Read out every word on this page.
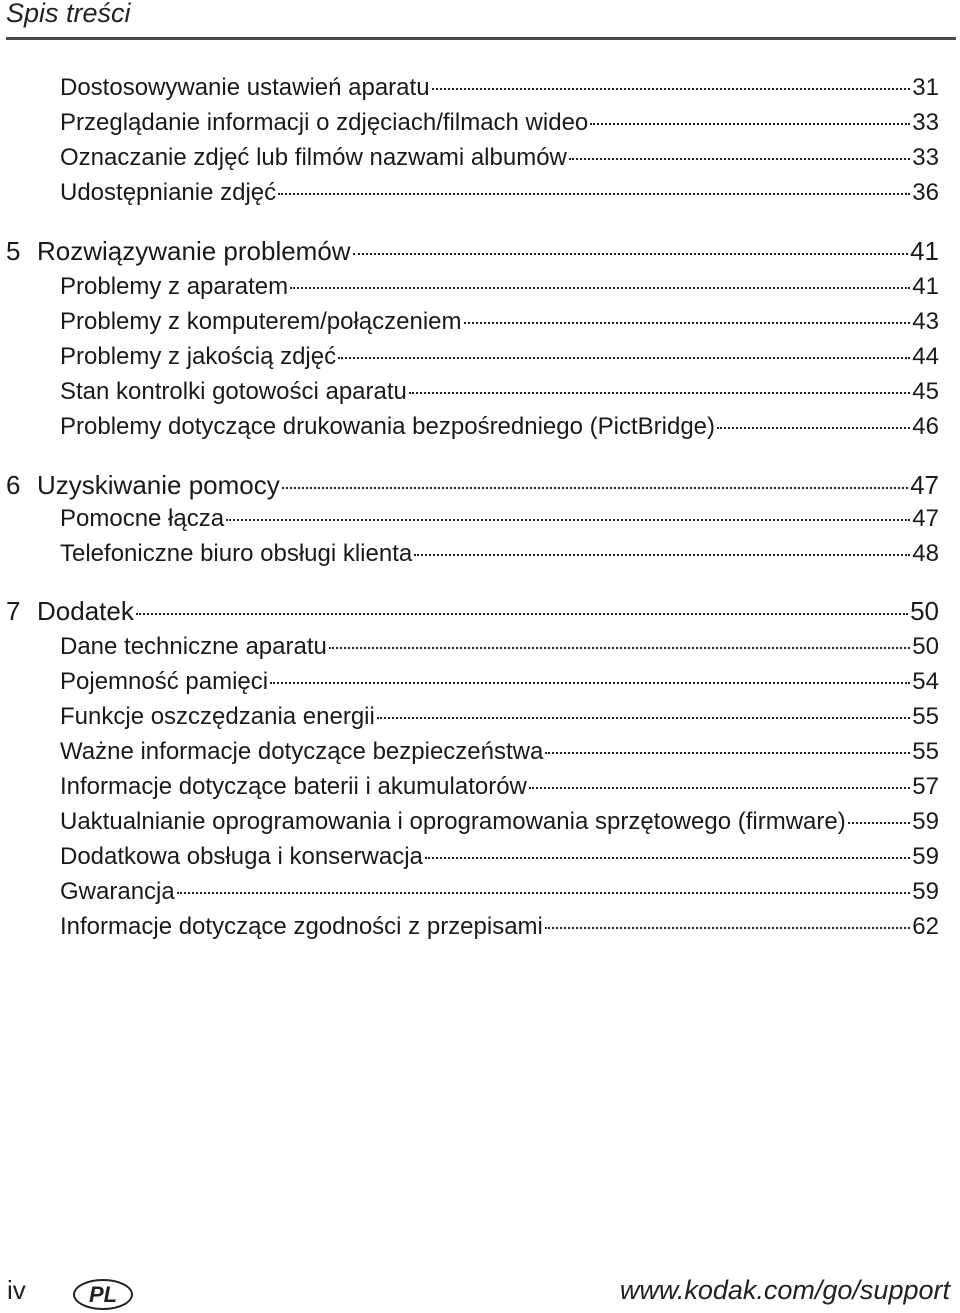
Spis treści
Dostosowywanie ustawień aparatu	31
Przeglądanie informacji o zdjęciach/filmach wideo	33
Oznaczanie zdjęć lub filmów nazwami albumów	33
Udostępnianie zdjęć	36
5 Rozwiązywanie problemów	41
Problemy z aparatem	41
Problemy z komputerem/połączeniem	43
Problemy z jakością zdjęć	44
Stan kontrolki gotowości aparatu	45
Problemy dotyczące drukowania bezpośredniego (PictBridge)	46
6 Uzyskiwanie pomocy	47
Pomocne łącza	47
Telefoniczne biuro obsługi klienta	48
7 Dodatek	50
Dane techniczne aparatu	50
Pojemność pamięci	54
Funkcje oszczędzania energii	55
Ważne informacje dotyczące bezpieczeństwa	55
Informacje dotyczące baterii i akumulatorów	57
Uaktualnianie oprogramowania i oprogramowania sprzętowego (firmware)	59
Dodatkowa obsługa i konserwacja	59
Gwarancja	59
Informacje dotyczące zgodności z przepisami	62
iv	PL	www.kodak.com/go/support
